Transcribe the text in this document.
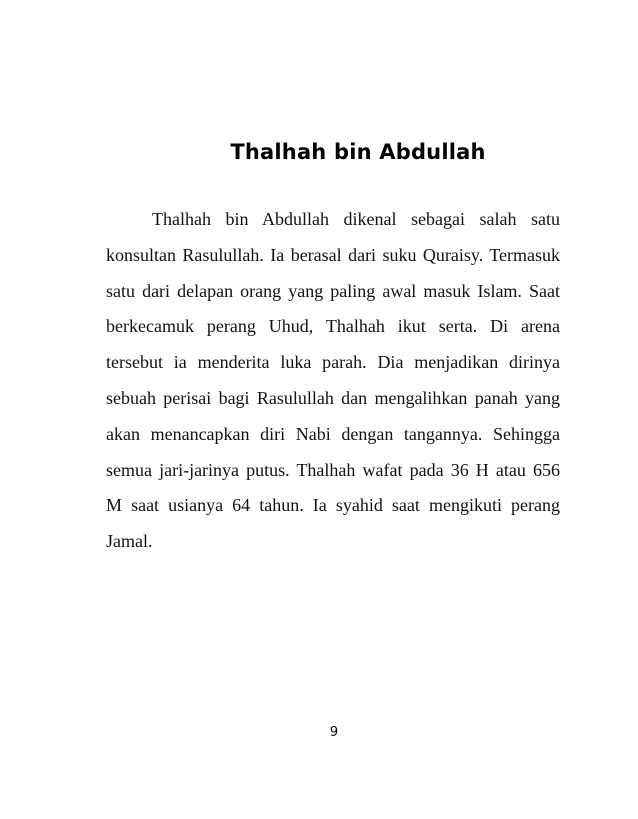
Thalhah bin Abdullah

Thalhah bin Abdullah dikenal sebagai salah satu konsultan Rasulullah. Ia berasal dari suku Quraisy. Termasuk satu dari delapan orang yang paling awal masuk Islam. Saat berkecamuk perang Uhud, Thalhah ikut serta. Di arena tersebut ia menderita luka parah. Dia menjadikan dirinya sebuah perisai bagi Rasulullah dan mengalihkan panah yang akan menancapkan diri Nabi dengan tangannya. Sehingga semua jari-jarinya putus. Thalhah wafat pada 36 H atau 656 M saat usianya 64 tahun. Ia syahid saat mengikuti perang Jamal.

9
